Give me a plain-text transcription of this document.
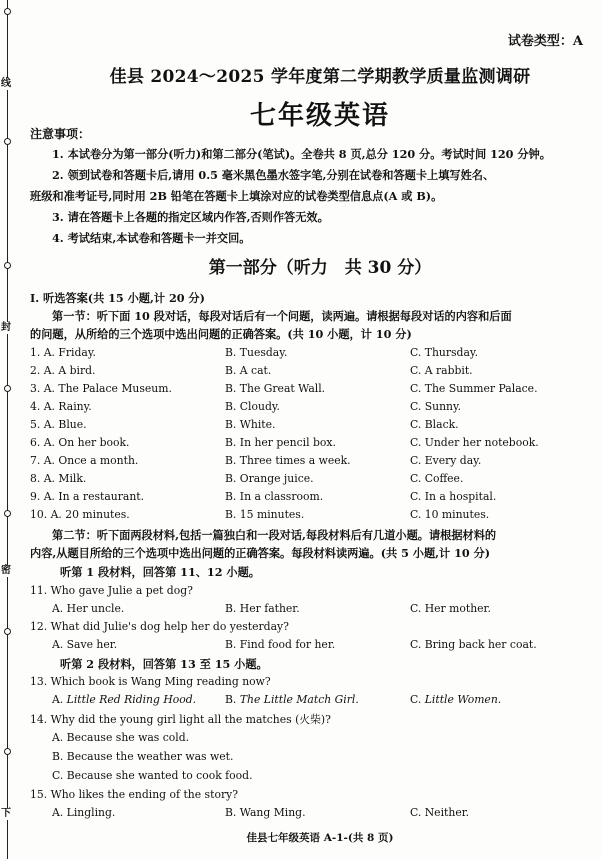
线
封
密
下
试卷类型：A
佳县 2024～2025 学年度第二学期教学质量监测调研
七年级英语
注意事项：
1. 本试卷分为第一部分(听力)和第二部分(笔试)。全卷共 8 页,总分 120 分。考试时间 120 分钟。
2. 领到试卷和答题卡后,请用 0.5 毫米黑色墨水签字笔,分别在试卷和答题卡上填写姓名、
班级和准考证号,同时用 2B 铅笔在答题卡上填涂对应的试卷类型信息点(A 或 B)。
3. 请在答题卡上各题的指定区域内作答,否则作答无效。
4. 考试结束,本试卷和答题卡一并交回。
第一部分（听力　共 30 分）
Ⅰ. 听选答案(共 15 小题,计 20 分)
第一节：听下面 10 段对话，每段对话后有一个问题，读两遍。请根据每段对话的内容和后面
的问题，从所给的三个选项中选出问题的正确答案。(共 10 小题，计 10 分)
1. A. Friday.	B. Tuesday.	C. Thursday.
2. A. A bird.	B. A cat.	C. A rabbit.
3. A. The Palace Museum.	B. The Great Wall.	C. The Summer Palace.
4. A. Rainy.	B. Cloudy.	C. Sunny.
5. A. Blue.	B. White.	C. Black.
6. A. On her book.	B. In her pencil box.	C. Under her notebook.
7. A. Once a month.	B. Three times a week.	C. Every day.
8. A. Milk.	B. Orange juice.	C. Coffee.
9. A. In a restaurant.	B. In a classroom.	C. In a hospital.
10. A. 20 minutes.	B. 15 minutes.	C. 10 minutes.
第二节：听下面两段材料,包括一篇独白和一段对话,每段材料后有几道小题。请根据材料的
内容,从题目所给的三个选项中选出问题的正确答案。每段材料读两遍。(共 5 小题,计 10 分)
听第 1 段材料，回答第 11、12 小题。
11. Who gave Julie a pet dog?
A. Her uncle.	B. Her father.	C. Her mother.
12. What did Julie's dog help her do yesterday?
A. Save her.	B. Find food for her.	C. Bring back her coat.
听第 2 段材料，回答第 13 至 15 小题。
13. Which book is Wang Ming reading now?
A. Little Red Riding Hood.	B. The Little Match Girl.	C. Little Women.
14. Why did the young girl light all the matches (火柴)?
A. Because she was cold.
B. Because the weather was wet.
C. Because she wanted to cook food.
15. Who likes the ending of the story?
A. Lingling.	B. Wang Ming.	C. Neither.
佳县七年级英语 A-1-(共 8 页)
